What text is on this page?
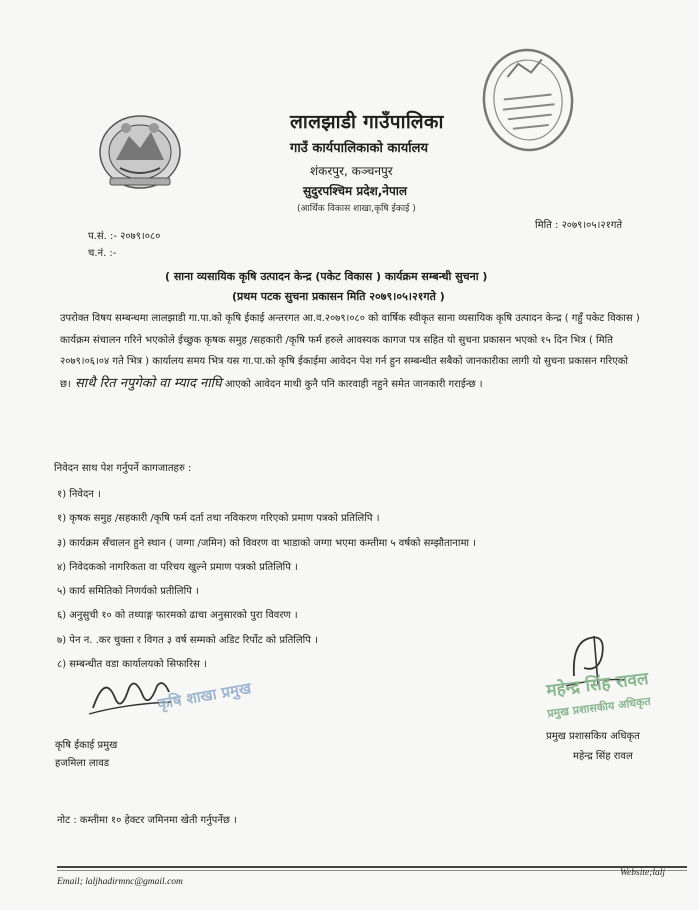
लालझाडी गाउँपालिका
गाउँ कार्यपालिकाको कार्यालय
शंकरपुर, कञ्चनपुर
सुदुरपश्चिम प्रदेश,नेपाल
(आर्थिक विकास शाखा,कृषि ईकाई )
प.सं. :- २०७९।०८०
च.नं. :-
मिति : २०७९।०५।२१गते
( साना व्यसायिक कृषि उत्पादन केन्द्र (पकेट विकास ) कार्यक्रम सम्बन्धी सुचना )
(प्रथम पटक सुचना प्रकासन मिति २०७९।०५।२१गते )
उपरोक्त विषय सम्बन्धमा लालझाडी गा.पा.को कृषि ईकाई अन्तरगत आ.व.२०७९।०८० को वार्षिक स्वीकृत साना व्यसायिक कृषि उत्पादन केन्द्र ( गहुँ पकेट विकास ) कार्यक्रम संचालन गरिने भएकोले ईच्छुक कृषक समुह /सहकारी /कृषि फर्म हरुले आवस्यक कागज पत्र सहित यो सुचना प्रकासन भएको १५ दिन भित्र ( मिति २०७९।०६।०४ गते भित्र ) कार्यालय समय भित्र यस गा.पा.को कृषि ईकाईमा आवेदन पेश गर्न हुन सम्बन्धीत सबैको जानकारीका लागी यो सुचना प्रकासन गरिएको छ। साथै रित नपुगेको वा म्याद नाघि आएको आवेदन माथी कुनै पनि कारवाही नहुने समेत जानकारी गराईन्छ ।
निवेदन साथ पेश गर्नुपर्ने कागजातहरु :
१) निवेदन ।
१) कृषक समुह /सहकारी /कृषि फर्म दर्ता तथा नविकरण गरिएको प्रमाण पत्रको प्रतिलिपि ।
३) कार्यक्रम सँचालन हुने स्थान ( जग्गा /जमिन) को विवरण वा भाडाको जग्गा भएमा कम्तीमा ५ वर्षको सम्झौतानामा ।
४) निवेदकको नागरिकता वा परिचय खुल्ने प्रमाण पत्रको प्रतिलिपि ।
५) कार्य समितिको निणर्यको प्रतीलिपि ।
६) अनुसुची १० को तथ्याङ्ग फारमको ढाचा अनुसारको पुरा विवरण ।
७) पेन न. .कर चुक्ता र विगत ३ वर्ष सम्मको अडिट रिर्पोट को प्रतिलिपि ।
८) सम्बन्धीत वडा कार्यालयको सिफारिस ।
कृषि शाखा प्रमुख
कृषि ईकाई प्रमुख
हजमिला लावड
महेन्द्र सिंह रावल
प्रमुख प्रशासकीय अधिकृत
प्रमुख प्रशासकिय अधिकृत
महेन्द्र सिंह रावल
नोट : कम्तीमा १० हेक्टर जमिनमा खेती गर्नुपर्नेछ ।
Email; laljhadirmnc@gmail.com
Website;lalj
